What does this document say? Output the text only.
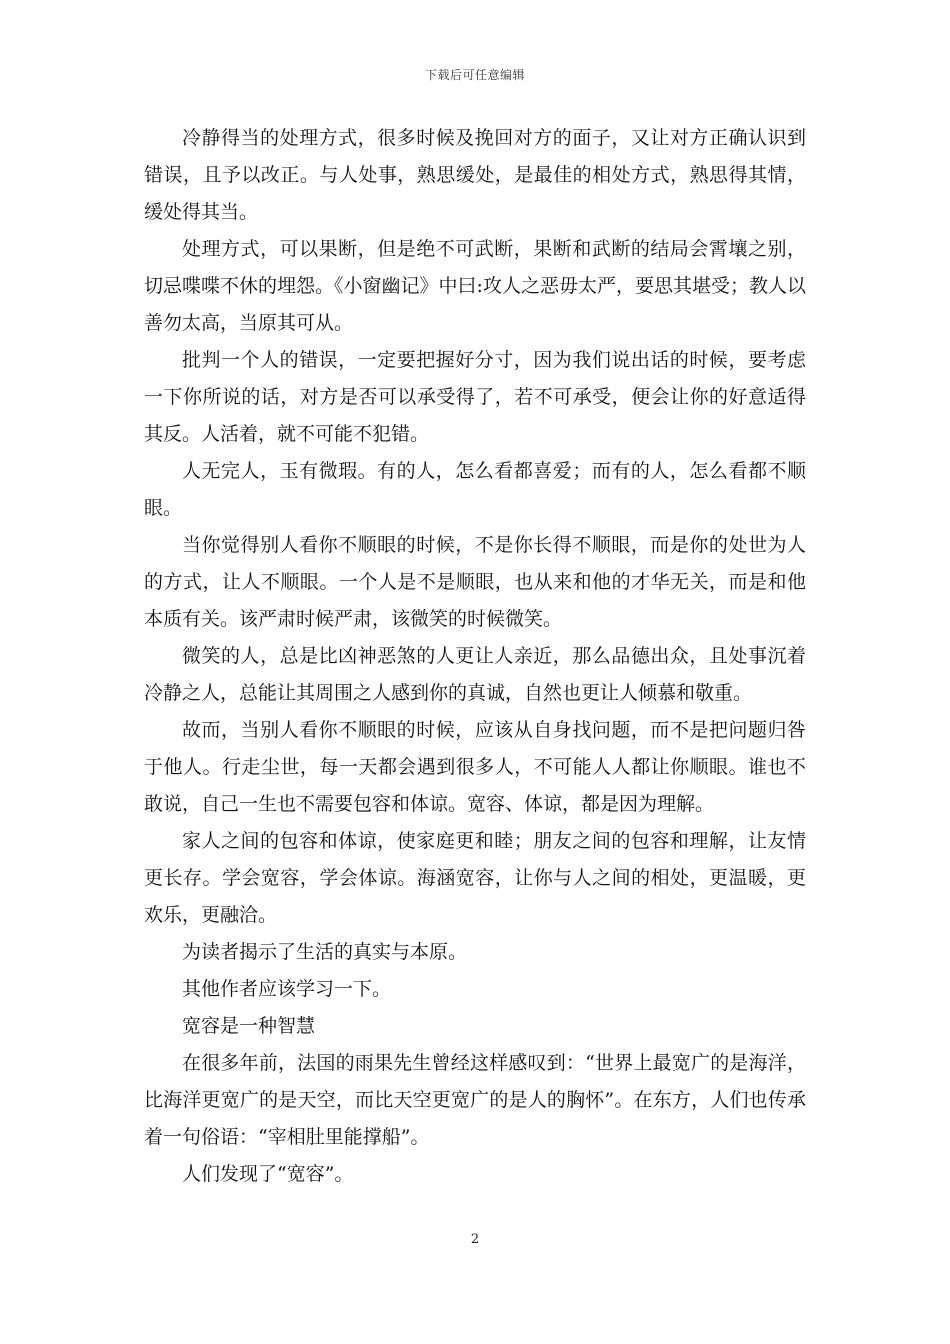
下载后可任意编辑

冷静得当的处理方式，很多时候及挽回对方的面子，又让对方正确认识到错误，且予以改正。与人处事，熟思缓处，是最佳的相处方式，熟思得其情，缓处得其当。

处理方式，可以果断，但是绝不可武断，果断和武断的结局会霄壤之别，切忌喋喋不休的埋怨。《小窗幽记》中曰:攻人之恶毋太严，要思其堪受；教人以善勿太高，当原其可从。

批判一个人的错误，一定要把握好分寸，因为我们说出话的时候，要考虑一下你所说的话，对方是否可以承受得了，若不可承受，便会让你的好意适得其反。人活着，就不可能不犯错。

人无完人，玉有微瑕。有的人，怎么看都喜爱；而有的人，怎么看都不顺眼。

当你觉得别人看你不顺眼的时候，不是你长得不顺眼，而是你的处世为人的方式，让人不顺眼。一个人是不是顺眼，也从来和他的才华无关，而是和他本质有关。该严肃时候严肃，该微笑的时候微笑。

微笑的人，总是比凶神恶煞的人更让人亲近，那么品德出众，且处事沉着冷静之人，总能让其周围之人感到你的真诚，自然也更让人倾慕和敬重。

故而，当别人看你不顺眼的时候，应该从自身找问题，而不是把问题归咎于他人。行走尘世，每一天都会遇到很多人，不可能人人都让你顺眼。谁也不敢说，自己一生也不需要包容和体谅。宽容、体谅，都是因为理解。

家人之间的包容和体谅，使家庭更和睦；朋友之间的包容和理解，让友情更长存。学会宽容，学会体谅。海涵宽容，让你与人之间的相处，更温暖，更欢乐，更融洽。

为读者揭示了生活的真实与本原。

其他作者应该学习一下。

宽容是一种智慧

在很多年前，法国的雨果先生曾经这样感叹到：“世界上最宽广的是海洋，比海洋更宽广的是天空，而比天空更宽广的是人的胸怀”。在东方，人们也传承着一句俗语：“宰相肚里能撑船”。

人们发现了“宽容”。

2
